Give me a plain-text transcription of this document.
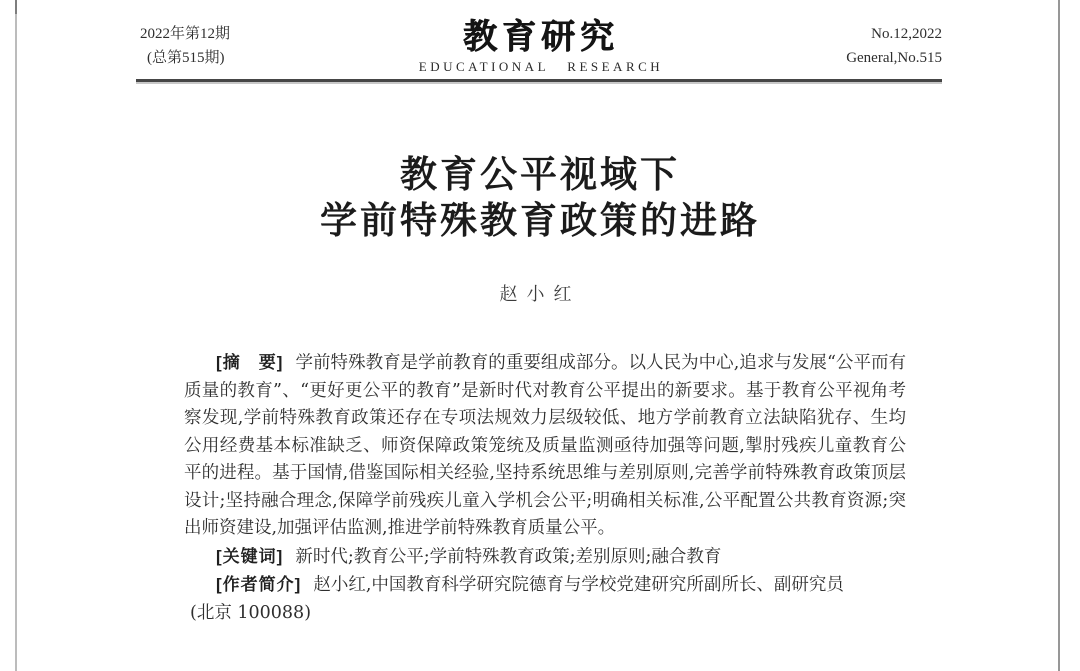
2022年第12期
(总第515期)
教育研究
EDUCATIONAL RESEARCH
No.12,2022
General,No.515
教育公平视域下
学前特殊教育政策的进路
赵小红

[摘　要] 学前特殊教育是学前教育的重要组成部分。以人民为中心,追求与发展“公平而有质量的教育”、“更好更公平的教育”是新时代对教育公平提出的新要求。基于教育公平视角考察发现,学前特殊教育政策还存在专项法规效力层级较低、地方学前教育立法缺陷犹存、生均公用经费基本标准缺乏、师资保障政策笼统及质量监测亟待加强等问题,掣肘残疾儿童教育公平的进程。基于国情,借鉴国际相关经验,坚持系统思维与差别原则,完善学前特殊教育政策顶层设计;坚持融合理念,保障学前残疾儿童入学机会公平;明确相关标准,公平配置公共教育资源;突出师资建设,加强评估监测,推进学前特殊教育质量公平。

[关键词] 新时代;教育公平;学前特殊教育政策;差别原则;融合教育

[作者简介] 赵小红,中国教育科学研究院德育与学校党建研究所副所长、副研究员

(北京 100088)
